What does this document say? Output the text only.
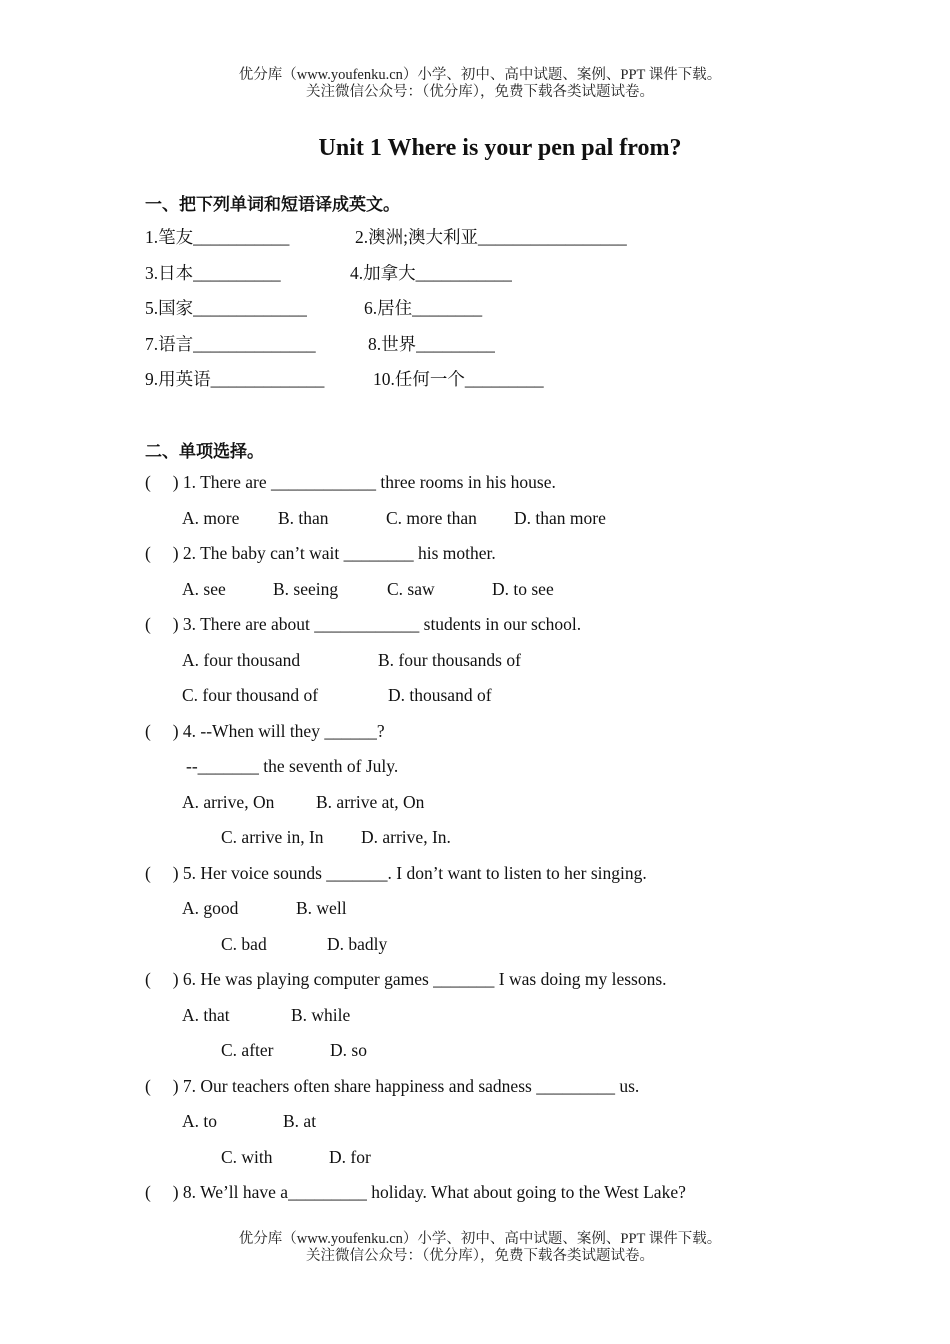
优分库（www.youfenku.cn）小学、初中、高中试题、案例、PPT 课件下载。
关注微信公众号：（优分库），免费下载各类试题试卷。
Unit 1 Where is your pen pal from?
一、把下列单词和短语译成英文。
1.笔友___________	2.澳洲;澳大利亚_________________
3.日本__________	4.加拿大___________
5.国家_____________	6.居住________
7.语言______________	8.世界_________
9.用英语_____________	10.任何一个_________
二、单项选择。
(     ) 1. There are ____________ three rooms in his house.
A. more B. than	C. more than D. than more
(     ) 2. The baby can’t wait ________ his mother.
A. see	B. seeing	C. saw	D. to see
(     ) 3. There are about ____________ students in our school.
A. four thousand	B. four thousands of
C. four thousand of	D. thousand of
(     ) 4. --When will they ______?
--_______ the seventh of July.
A. arrive, On B. arrive at, On
C. arrive in, In D. arrive, In.
(     ) 5. Her voice sounds _______. I don’t want to listen to her singing.
A. good	B. well
C. bad	D. badly
(     ) 6. He was playing computer games _______ I was doing my lessons.
A. that	B. while
C. after	D. so
(     ) 7. Our teachers often share happiness and sadness _________ us.
A. to	B. at
C. with	D. for
(     ) 8. We’ll have a_________ holiday. What about going to the West Lake?
优分库（www.youfenku.cn）小学、初中、高中试题、案例、PPT 课件下载。
关注微信公众号：（优分库），免费下载各类试题试卷。
